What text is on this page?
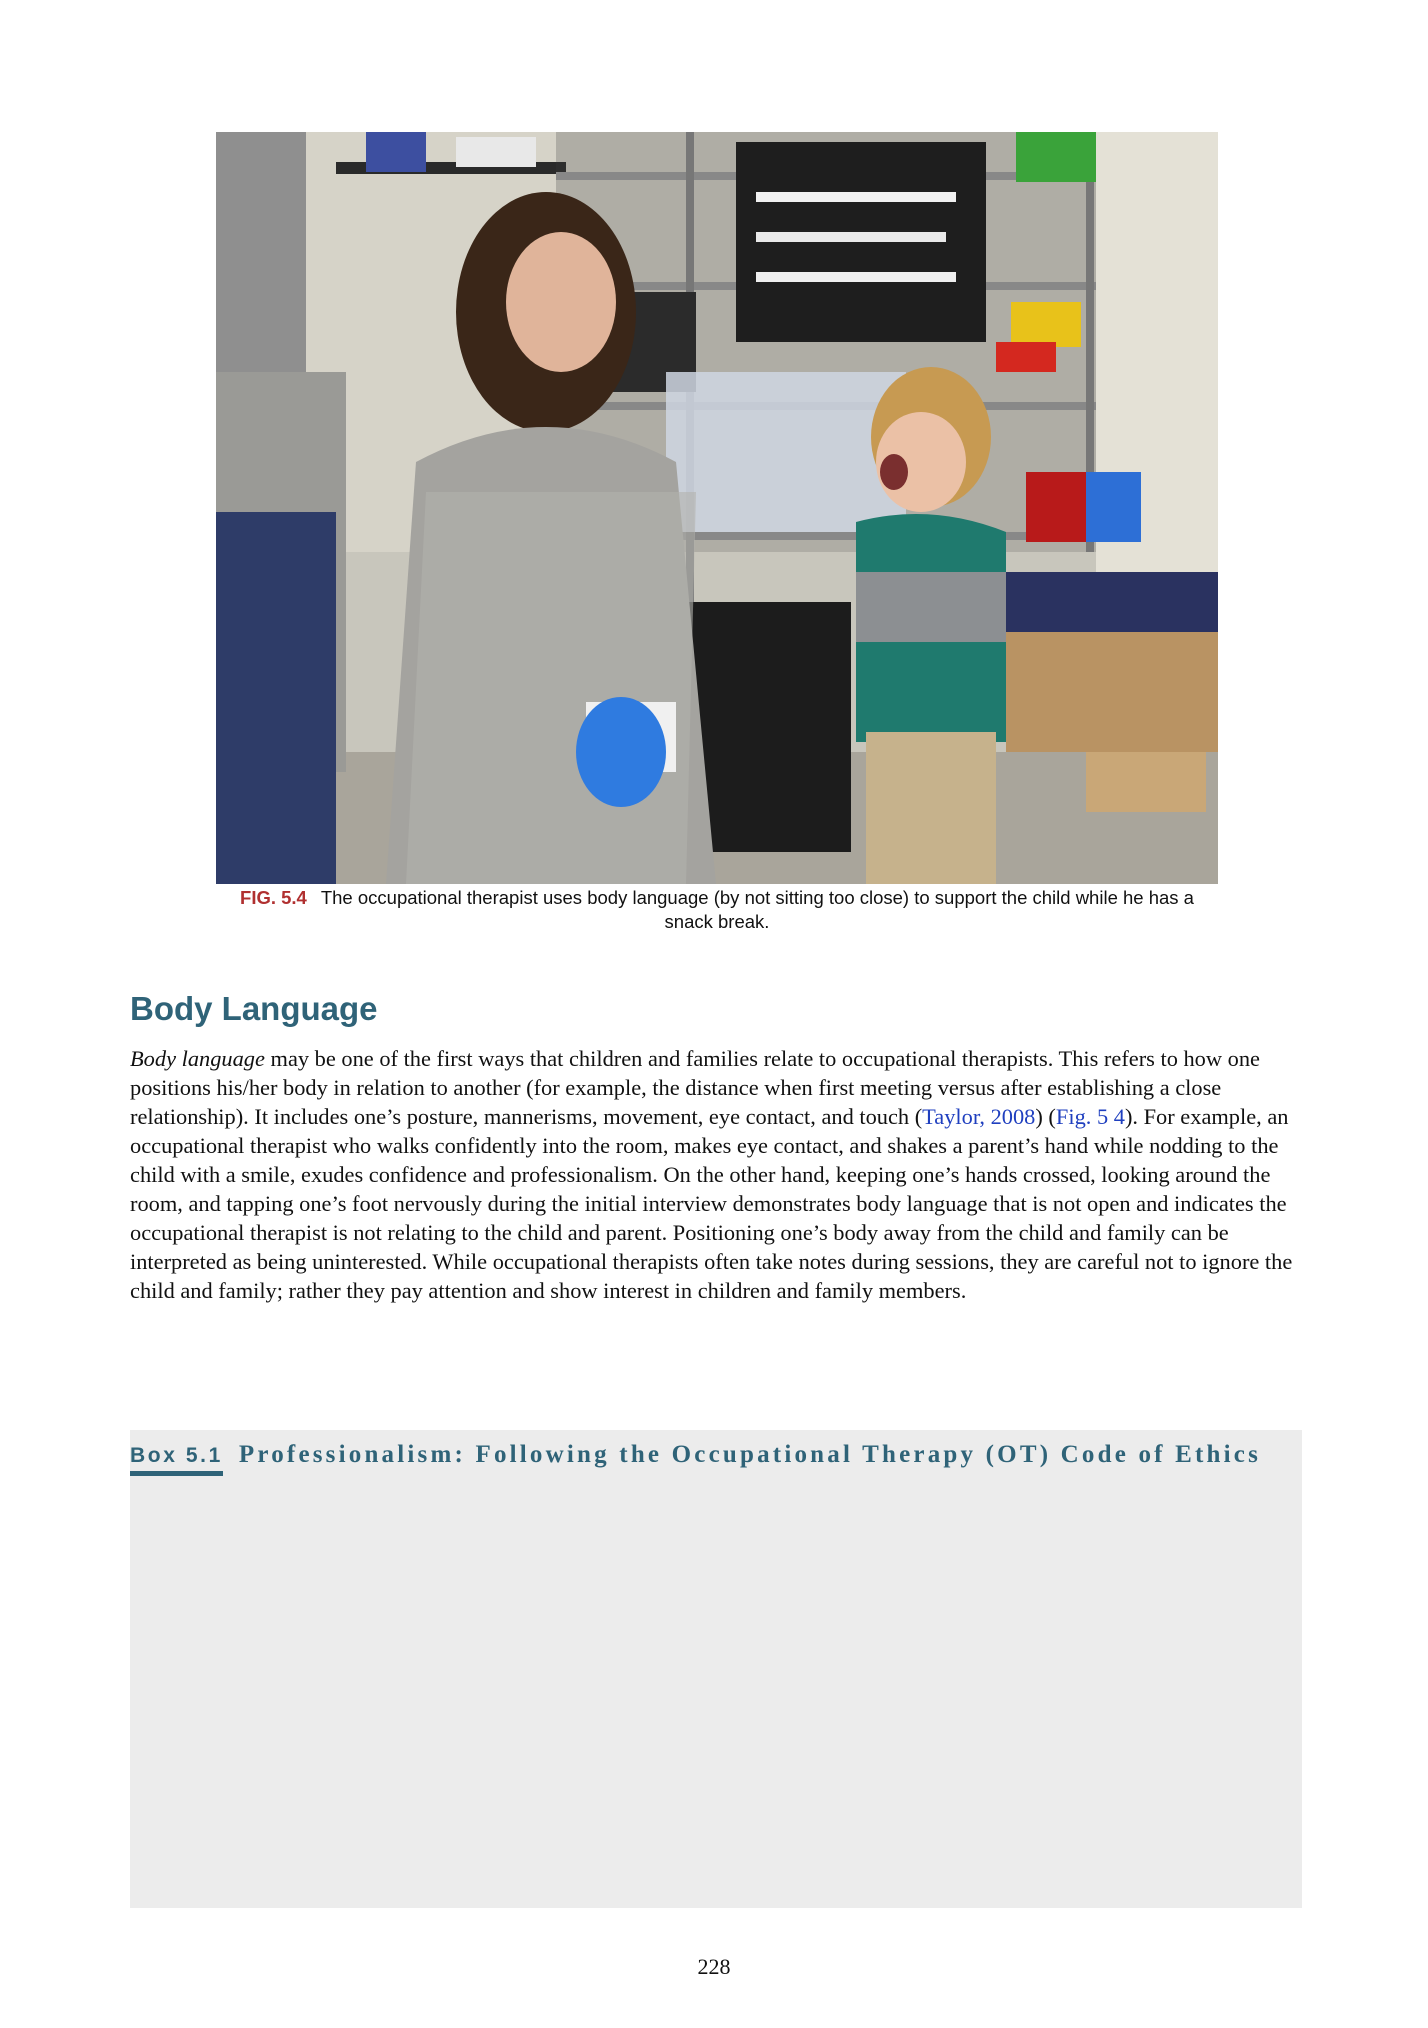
FIG. 5.4 The occupational therapist uses body language (by not sitting too close) to support the child while he has a snack break.
Body Language

Body language may be one of the first ways that children and families relate to occupational therapists. This refers to how one positions his/her body in relation to another (for example, the distance when first meeting versus after establishing a close relationship). It includes one’s posture, mannerisms, movement, eye contact, and touch (Taylor, 2008) (Fig. 5 4). For example, an occupational therapist who walks confidently into the room, makes eye contact, and shakes a parent’s hand while nodding to the child with a smile, exudes confidence and professionalism. On the other hand, keeping one’s hands crossed, looking around the room, and tapping one’s foot nervously during the initial interview demonstrates body language that is not open and indicates the occupational therapist is not relating to the child and parent. Positioning one’s body away from the child and family can be interpreted as being uninterested. While occupational therapists often take notes during sessions, they are careful not to ignore the child and family; rather they pay attention and show interest in children and family members.

Box 5.1 Professionalism: Following the Occupational Therapy (OT) Code of Ethics

228
